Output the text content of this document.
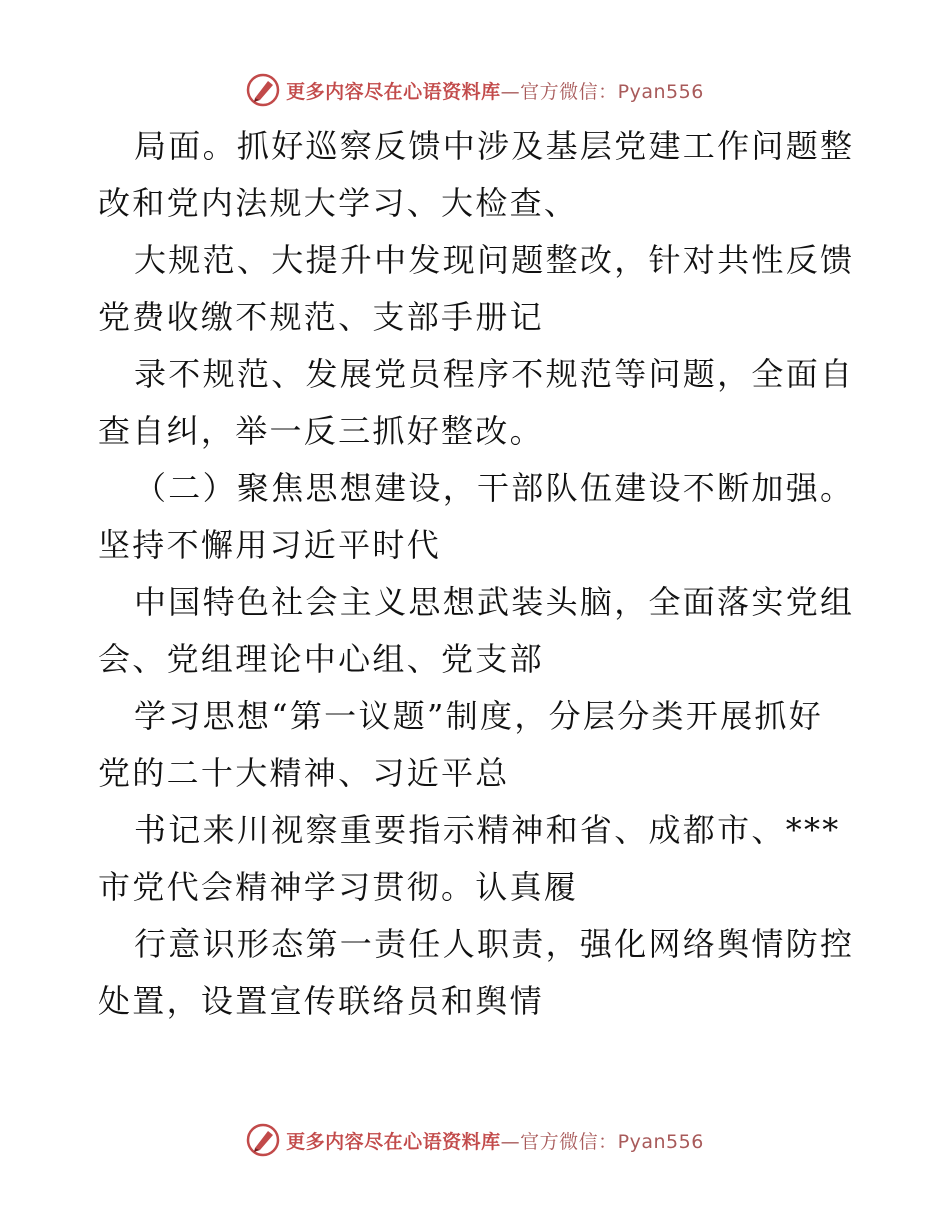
更多内容尽在心语资料库—官方微信：Pyan556
局面。抓好巡察反馈中涉及基层党建工作问题整
改和党内法规大学习、大检查、
大规范、大提升中发现问题整改，针对共性反馈
党费收缴不规范、支部手册记
录不规范、发展党员程序不规范等问题，全面自
查自纠，举一反三抓好整改。
（二）聚焦思想建设，干部队伍建设不断加强。
坚持不懈用习近平时代
中国特色社会主义思想武装头脑，全面落实党组
会、党组理论中心组、党支部
学习思想“第一议题”制度，分层分类开展抓好
党的二十大精神、习近平总
书记来川视察重要指示精神和省、成都市、***
市党代会精神学习贯彻。认真履
行意识形态第一责任人职责，强化网络舆情防控
处置，设置宣传联络员和舆情
更多内容尽在心语资料库—官方微信：Pyan556
